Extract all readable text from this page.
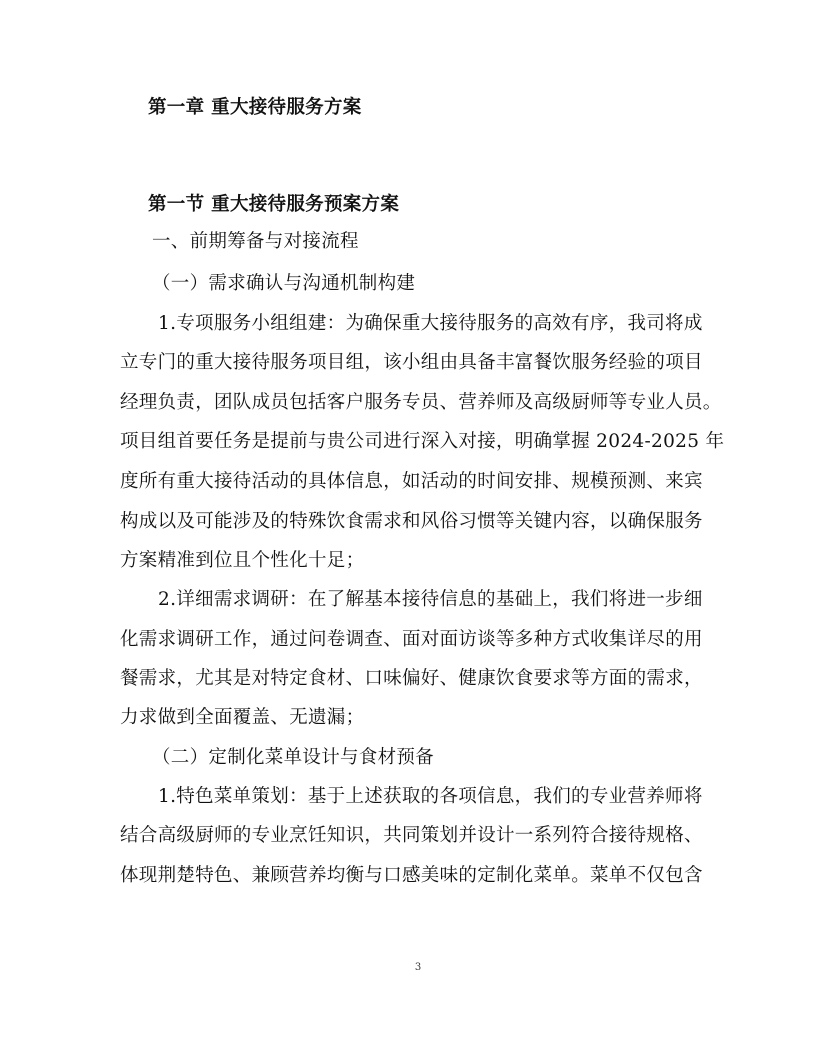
第一章 重大接待服务方案
第一节 重大接待服务预案方案
一、前期筹备与对接流程
（一）需求确认与沟通机制构建
1.专项服务小组组建：为确保重大接待服务的高效有序，我司将成
立专门的重大接待服务项目组，该小组由具备丰富餐饮服务经验的项目
经理负责，团队成员包括客户服务专员、营养师及高级厨师等专业人员。
项目组首要任务是提前与贵公司进行深入对接，明确掌握 2024-2025 年
度所有重大接待活动的具体信息，如活动的时间安排、规模预测、来宾
构成以及可能涉及的特殊饮食需求和风俗习惯等关键内容，以确保服务
方案精准到位且个性化十足；
2.详细需求调研：在了解基本接待信息的基础上，我们将进一步细
化需求调研工作，通过问卷调查、面对面访谈等多种方式收集详尽的用
餐需求，尤其是对特定食材、口味偏好、健康饮食要求等方面的需求，
力求做到全面覆盖、无遗漏；
（二）定制化菜单设计与食材预备
1.特色菜单策划：基于上述获取的各项信息，我们的专业营养师将
结合高级厨师的专业烹饪知识，共同策划并设计一系列符合接待规格、
体现荆楚特色、兼顾营养均衡与口感美味的定制化菜单。菜单不仅包含
3
